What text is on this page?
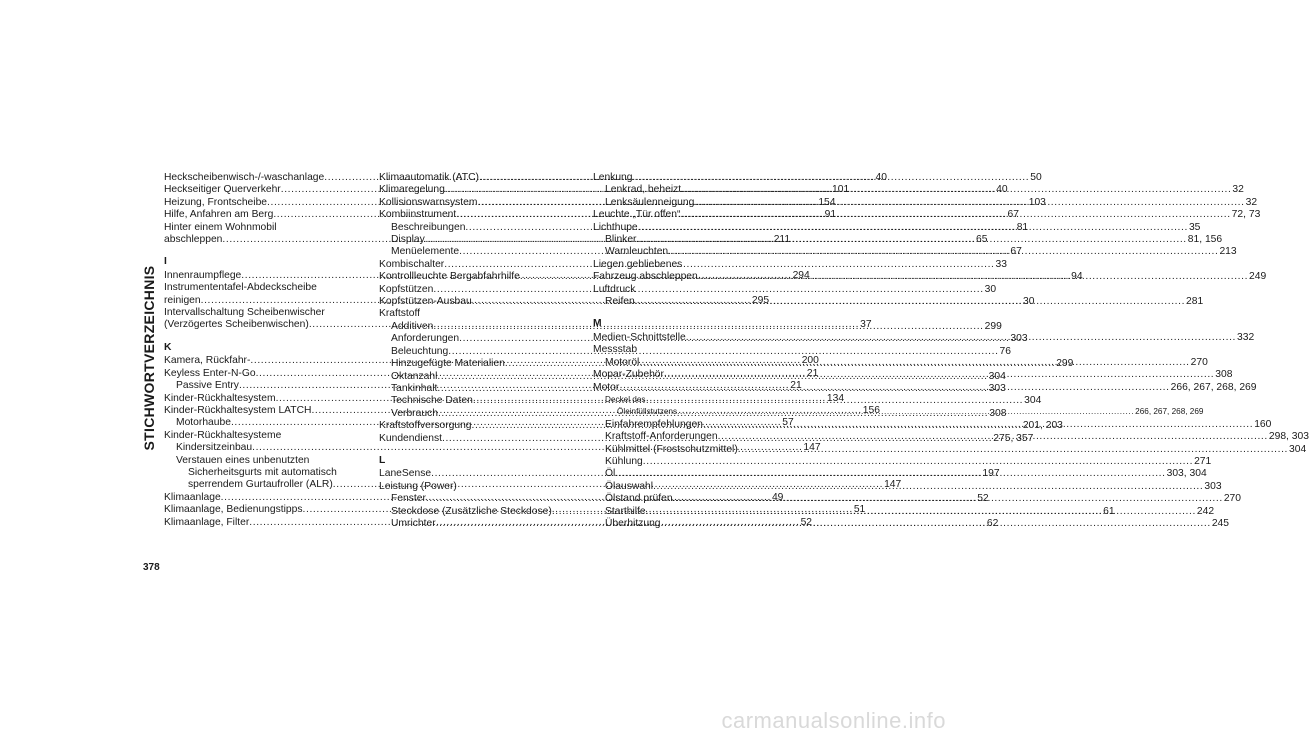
STICHWORTVERZEICHNIS
Heckscheibenwisch-/-waschanlage .....	40
Heckseitiger Querverkehr .....	101
Heizung, Frontscheibe .....	154
Hilfe, Anfahren am Berg .....	91
Hinter einem Wohnmobil
abschleppen .....	211
I
Innenraumpflege .....	294
Instrumententafel-Abdeckscheibe
reinigen .....	295
Intervallschaltung Scheibenwischer
(Verzögertes Scheibenwischen) .....	37
K
Kamera, Rückfahr- .....	200
Keyless Enter-N-Go .....	21
Passive Entry .....	21
Kinder-Rückhaltesystem .....	134
Kinder-Rückhaltesystem LATCH .....	156
Motorhaube .....	57
Kinder-Rückhaltesysteme
Kindersitzeinbau .....	147
Verstauen eines unbenutzten
Sicherheitsgurts mit automatisch
sperrendem Gurtaufroller (ALR) .....	147
Klimaanlage .....	49
Klimaanlage, Bedienungstipps .....	51
Klimaanlage, Filter .....	52
Klimaautomatik (ATC) .....	50
Klimaregelung .....	40
Kollisionswarnsystem .....	103
Kombiinstrument .....	67
Beschreibungen .....	81
Display .....	65
Menüelemente .....	67
Kombischalter .....	33
Kontrollleuchte Bergabfahrhilfe .....	94
Kopfstützen .....	30
Kopfstützen-Ausbau .....	30
Kraftstoff
Additiven .....	299
Anforderungen .....	303
Beleuchtung .....	76
Hinzugefügte Materialien .....	299
Oktanzahl .....	304
Tankinhalt .....	303
Technische Daten .....	304
Verbrauch .....	308
Kraftstoffversorgung .....	201, 203
Kundendienst .....	275, 357
L
LaneSense .....	197
Leistung (Power)
Fenster .....	52
Steckdose (Zusätzliche Steckdose) .....	61
Umrichter .....	62
Lenkung
Lenkrad, beheizt .....	32
Lenksäulenneigung .....	32
Leuchte „Tür offen“ .....	72, 73
Lichthupe .....	35
Blinker .....	81, 156
Warnleuchten .....	213
Liegen gebliebenes
Fahrzeug abschleppen .....	249
Luftdruck
Reifen .....	281
M
Medien-Schnittstelle .....	332
Messstab
Motoröl .....	270
Mopar-Zubehör .....	308
Motor .....	266, 267, 268, 269
Deckel des
Öleinfüllstutzens .....	266, 267, 268, 269
Einfahrempfehlungen .....	160
Kraftstoff-Anforderungen .....	298, 303
Kühlmittel (Frostschutzmittel) .....	304
Kühlung .....	271
Öl .....	303, 304
Ölauswahl .....	303
Ölstand prüfen .....	270
Starthilfe .....	242
Überhitzung .....	245
378
carmanualsonline.info
